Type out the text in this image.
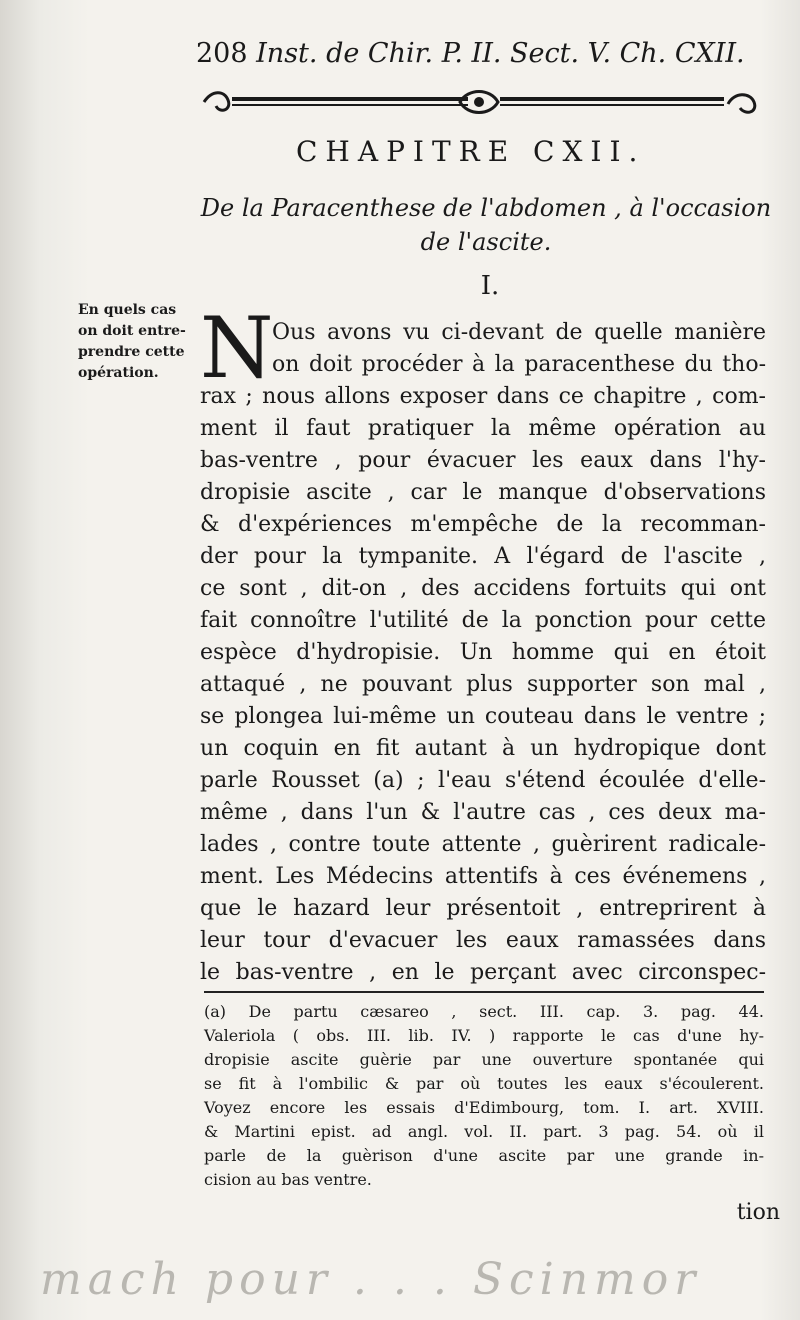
208 Inst. de Chir. P. II. Sect. V. Ch. CXII.
CHAPITRE CXII.
De la Paracenthese de l'abdomen , à l'occasion
de l'ascite.
I.
En quels cas
on doit entre-
prendre cette
opération. N
Ous avons vu ci-devant de quelle manière
on doit procéder à la paracenthese du tho-
rax ; nous allons exposer dans ce chapitre , com-
ment il faut pratiquer la même opération au
bas-ventre , pour évacuer les eaux dans l'hy-
dropisie ascite , car le manque d'observations
& d'expériences m'empêche de la recomman-
der pour la tympanite. A l'égard de l'ascite ,
ce sont , dit-on , des accidens fortuits qui ont
fait connoître l'utilité de la ponction pour cette
espèce d'hydropisie. Un homme qui en étoit
attaqué , ne pouvant plus supporter son mal ,
se plongea lui-même un couteau dans le ventre ;
un coquin en fit autant à un hydropique dont
parle Rousset (a) ; l'eau s'étend écoulée d'elle-
même , dans l'un & l'autre cas , ces deux ma-
lades , contre toute attente , guèrirent radicale-
ment. Les Médecins attentifs à ces événemens ,
que le hazard leur présentoit , entreprirent à
leur tour d'evacuer les eaux ramassées dans
le bas-ventre , en le perçant avec circonspec-
(a) De partu cæsareo , sect. III. cap. 3. pag. 44.
Valeriola ( obs. III. lib. IV. ) rapporte le cas d'une hy-
dropisie ascite guèrie par une ouverture spontanée qui
se fit à l'ombilic & par où toutes les eaux s'écoulerent.
Voyez encore les essais d'Edimbourg, tom. I. art. XVIII.
& Martini epist. ad angl. vol. II. part. 3 pag. 54. où il
parle de la guèrison d'une ascite par une grande in-
cision au bas ventre.
tion
mach pour . . . Scinmor
